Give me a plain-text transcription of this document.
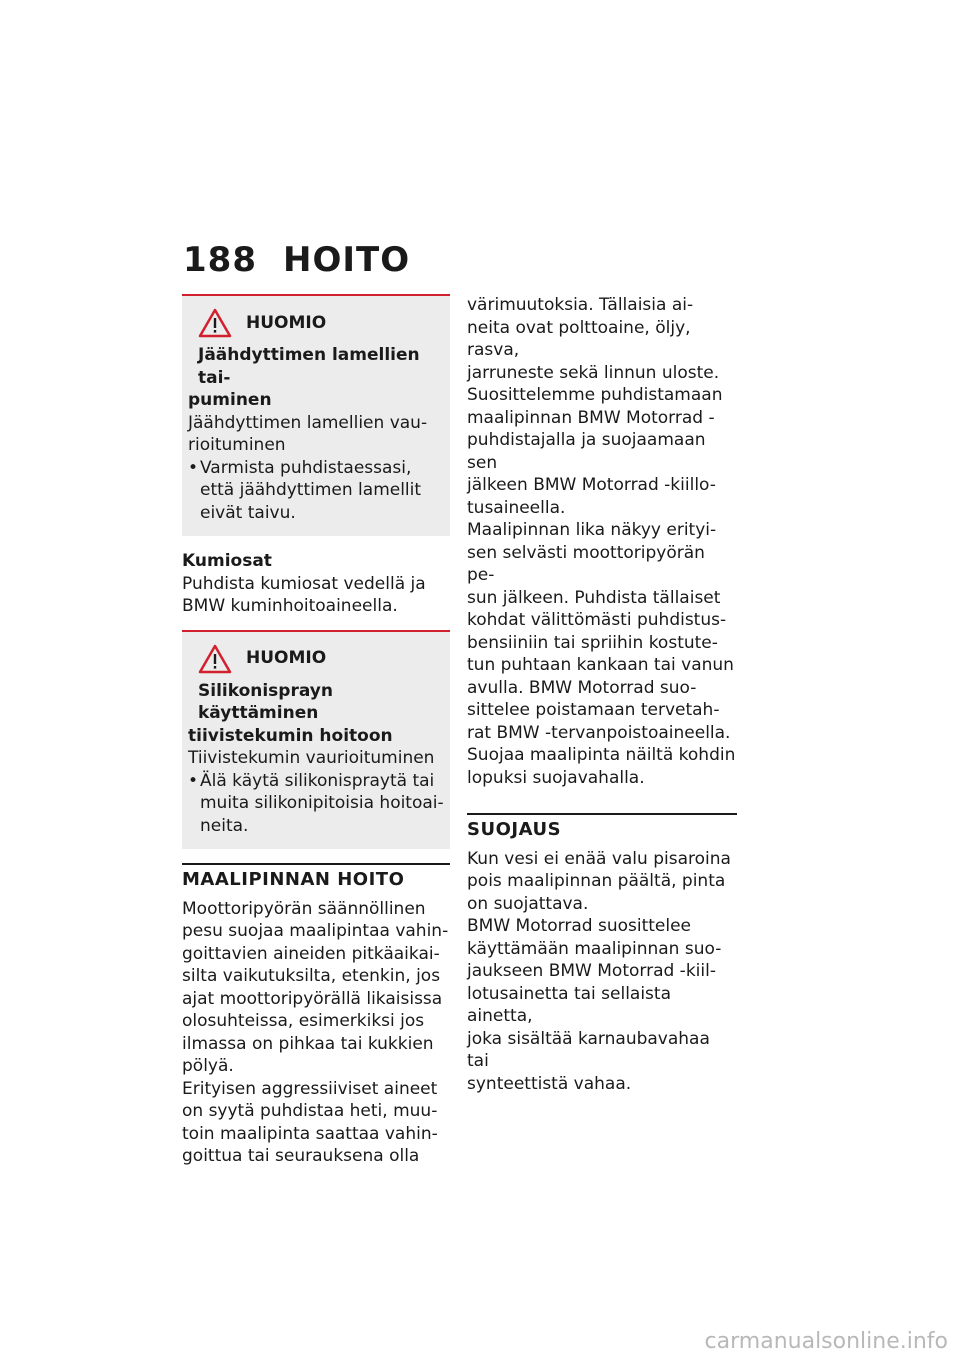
188 HOITO
HUOMIO
Jäähdyttimen lamellien tai-
puminen
Jäähdyttimen lamellien vau-
rioituminen
• Varmista puhdistaessasi,
että jäähdyttimen lamellit
eivät taivu.
Kumiosat
Puhdista kumiosat vedellä ja
BMW kuminhoitoaineella.
HUOMIO
Silikonisprayn käyttäminen
tiivistekumin hoitoon
Tiivistekumin vaurioituminen
• Älä käytä silikonispraytä tai
muita silikonipitoisia hoitoai-
neita.
MAALIPINNAN HOITO
Moottoripyörän säännöllinen
pesu suojaa maalipintaa vahin-
goittavien aineiden pitkäaikai-
silta vaikutuksilta, etenkin, jos
ajat moottoripyörällä likaisissa
olosuhteissa, esimerkiksi jos
ilmassa on pihkaa tai kukkien
pölyä.
Erityisen aggressiiviset aineet
on syytä puhdistaa heti, muu-
toin maalipinta saattaa vahin-
goittua tai seurauksena olla
värimuutoksia. Tällaisia ai-
neita ovat polttoaine, öljy, rasva,
jarruneste sekä linnun uloste.
Suosittelemme puhdistamaan
maalipinnan BMW Motorrad -
puhdistajalla ja suojaamaan sen
jälkeen BMW Motorrad -kiillo-
tusaineella.
Maalipinnan lika näkyy erityi-
sen selvästi moottoripyörän pe-
sun jälkeen. Puhdista tällaiset
kohdat välittömästi puhdistus-
bensiiniin tai spriihin kostute-
tun puhtaan kankaan tai vanun
avulla. BMW Motorrad suo-
sittelee poistamaan tervetah-
rat BMW -tervanpoistoaineella.
Suojaa maalipinta näiltä kohdin
lopuksi suojavahalla.
SUOJAUS
Kun vesi ei enää valu pisaroina
pois maalipinnan päältä, pinta
on suojattava.
BMW Motorrad suosittelee
käyttämään maalipinnan suo-
jaukseen BMW Motorrad -kiil-
lotusainetta tai sellaista ainetta,
joka sisältää karnaubavahaa tai
synteettistä vahaa.
carmanualsonline.info
